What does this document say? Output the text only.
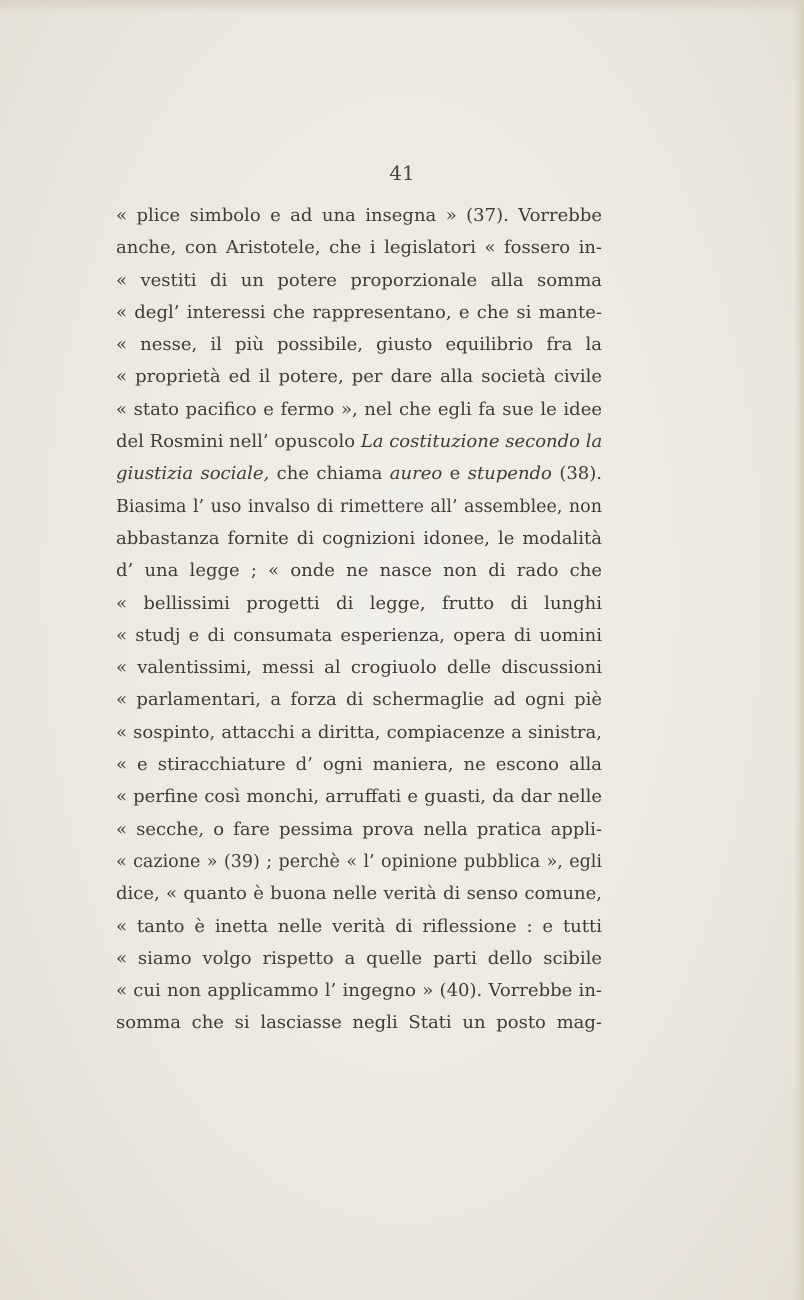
41
« plice simbolo e ad una insegna » (37). Vorrebbe
anche, con Aristotele, che i legislatori « fossero in-
« vestiti di un potere proporzionale alla somma
« degl’ interessi che rappresentano, e che si mante-
« nesse, il più possibile, giusto equilibrio fra la
« proprietà ed il potere, per dare alla società civile
« stato pacifico e fermo », nel che egli fa sue le idee
del Rosmini nell’ opuscolo La costituzione secondo la
giustizia sociale, che chiama aureo e stupendo (38).
Biasima l’ uso invalso di rimettere all’ assemblee, non
abbastanza fornite di cognizioni idonee, le modalità
d’ una legge ; « onde ne nasce non di rado che
« bellissimi progetti di legge, frutto di lunghi
« studj e di consumata esperienza, opera di uomini
« valentissimi, messi al crogiuolo delle discussioni
« parlamentari, a forza di schermaglie ad ogni piè
« sospinto, attacchi a diritta, compiacenze a sinistra,
« e stiracchiature d’ ogni maniera, ne escono alla
« perfine così monchi, arruffati e guasti, da dar nelle
« secche, o fare pessima prova nella pratica appli-
« cazione » (39) ; perchè « l’ opinione pubblica », egli
dice, « quanto è buona nelle verità di senso comune,
« tanto è inetta nelle verità di riflessione : e tutti
« siamo volgo rispetto a quelle parti dello scibile
« cui non applicammo l’ ingegno » (40). Vorrebbe in-
somma che si lasciasse negli Stati un posto mag-
